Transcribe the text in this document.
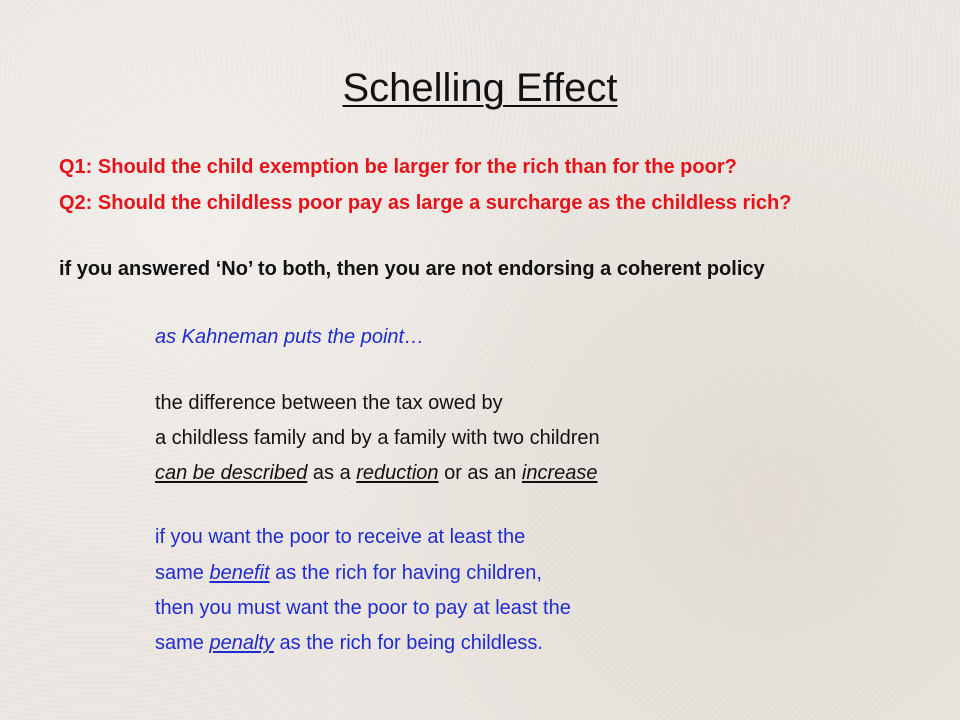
Schelling Effect
Q1: Should the child exemption be larger for the rich than for the poor?
Q2: Should the childless poor pay as large a surcharge as the childless rich?
if you answered ‘No’ to both, then you are not endorsing a coherent policy
as Kahneman puts the point…
the difference between the tax owed by
a childless family and by a family with two children
can be described as a reduction or as an increase
if you want the poor to receive at least the
same benefit as the rich for having children,
then you must want the poor to pay at least the
same penalty as the rich for being childless.
